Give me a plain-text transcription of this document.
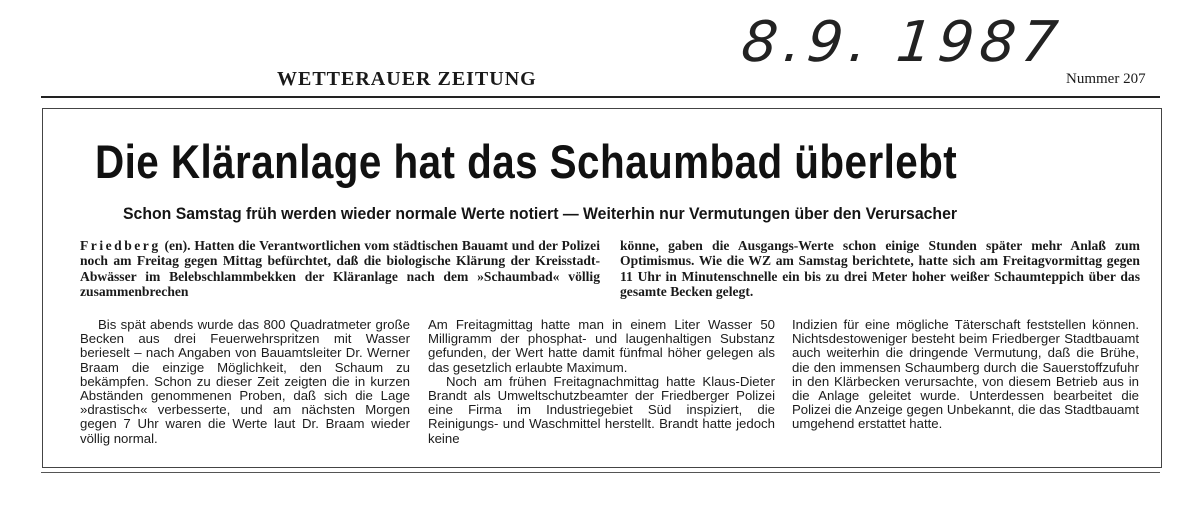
8.9. 1987
WETTERAUER ZEITUNG	Nummer 207
Die Kläranlage hat das Schaumbad überlebt
Schon Samstag früh werden wieder normale Werte notiert — Weiterhin nur Vermutungen über den Verursacher
Friedberg (en). Hatten die Verantwortlichen vom städtischen Bauamt und der Polizei noch am Freitag gegen Mittag befürchtet, daß die biologische Klärung der Kreisstadt-Abwässer im Belebschlammbekken der Kläranlage nach dem »Schaumbad« völlig zusammenbrechen
könne, gaben die Ausgangs-Werte schon einige Stunden später mehr Anlaß zum Optimismus. Wie die WZ am Samstag berichtete, hatte sich am Freitagvormittag gegen 11 Uhr in Minutenschnelle ein bis zu drei Meter hoher weißer Schaumteppich über das gesamte Becken gelegt.

Bis spät abends wurde das 800 Quadratmeter große Becken aus drei Feuerwehrspritzen mit Wasser berieselt – nach Angaben von Bauamtsleiter Dr. Werner Braam die einzige Möglichkeit, den Schaum zu bekämpfen. Schon zu dieser Zeit zeigten die in kurzen Abständen genommenen Proben, daß sich die Lage »drastisch« verbesserte, und am nächsten Morgen gegen 7 Uhr waren die Werte laut Dr. Braam wieder völlig normal.

Am Freitagmittag hatte man in einem Liter Wasser 50 Milligramm der phosphat- und laugenhaltigen Substanz gefunden, der Wert hatte damit fünfmal höher gelegen als das gesetzlich erlaubte Maximum.

Noch am frühen Freitagnachmittag hatte Klaus-Dieter Brandt als Umweltschutzbeamter der Friedberger Polizei eine Firma im Industriegebiet Süd inspiziert, die Reinigungs- und Waschmittel herstellt. Brandt hatte jedoch keine

Indizien für eine mögliche Täterschaft feststellen können. Nichtsdestoweniger besteht beim Friedberger Stadtbauamt auch weiterhin die dringende Vermutung, daß die Brühe, die den immensen Schaumberg durch die Sauerstoffzufuhr in den Klärbecken verursachte, von diesem Betrieb aus in die Anlage geleitet wurde. Unterdessen bearbeitet die Polizei die Anzeige gegen Unbekannt, die das Stadtbauamt umgehend erstattet hatte.
